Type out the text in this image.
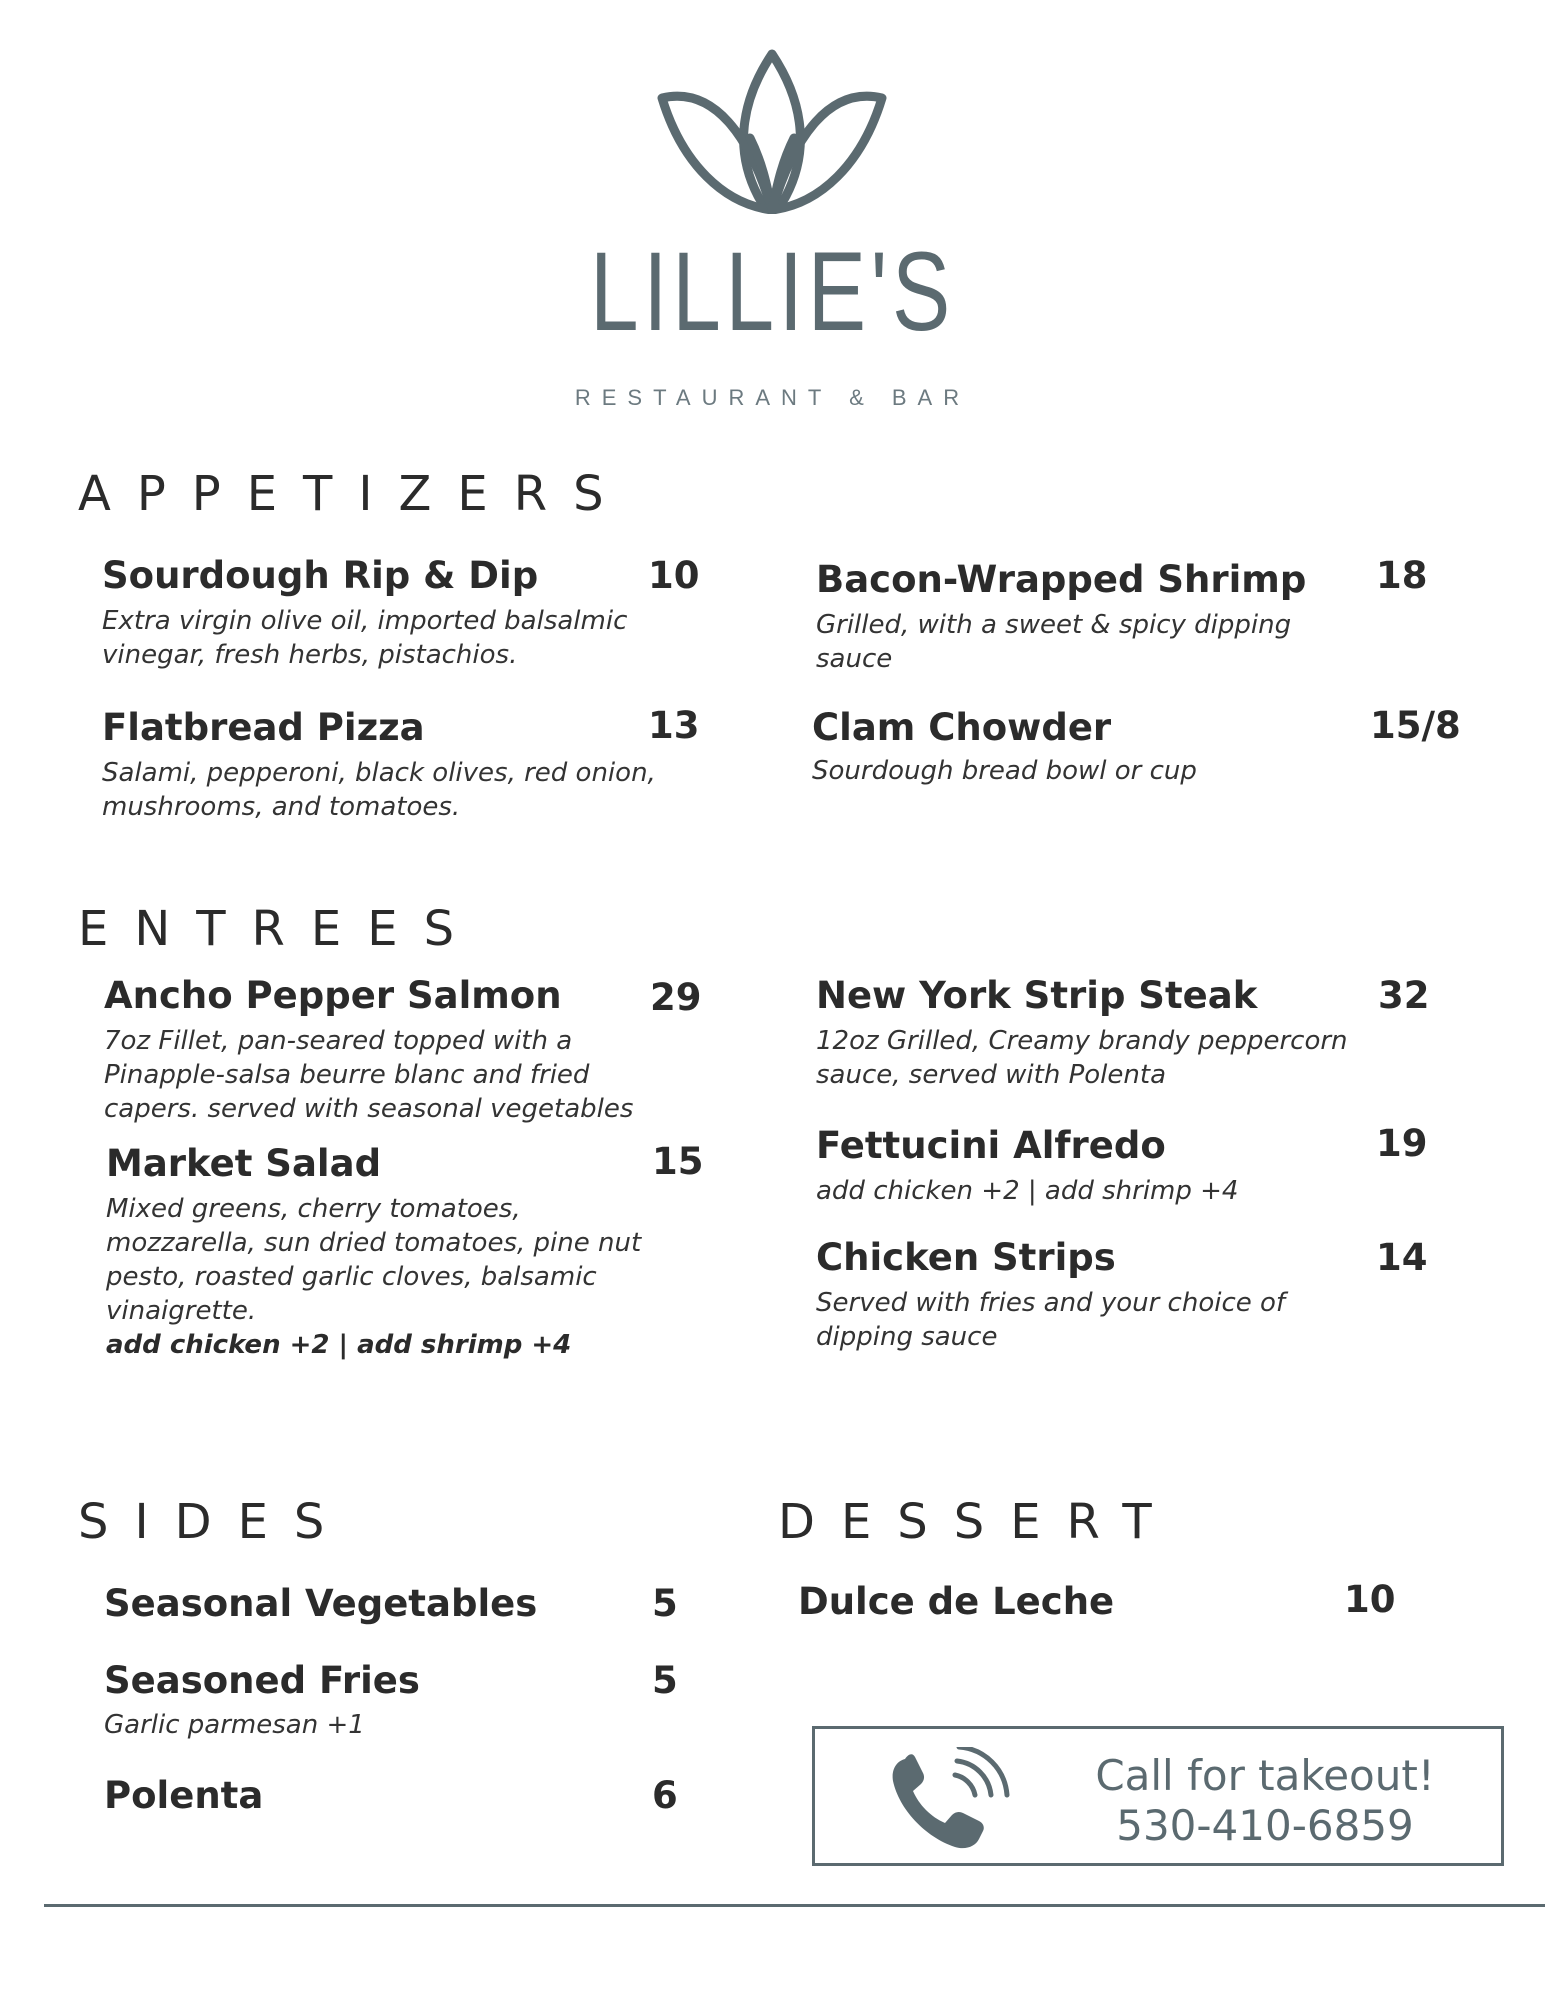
LILLIE'S
RESTAURANT & BAR
APPETIZERS
Sourdough Rip & Dip	10
Extra virgin olive oil, imported balsalmic vinegar, fresh herbs, pistachios.
Flatbread Pizza	13
Salami, pepperoni, black olives, red onion, mushrooms, and tomatoes.
Bacon-Wrapped Shrimp 18
Grilled, with a sweet & spicy dipping sauce
Clam Chowder	15/8
Sourdough bread bowl or cup
ENTREES
Ancho Pepper Salmon 29
7oz Fillet, pan-seared topped with a Pinapple-salsa beurre blanc and fried capers. served with seasonal vegetables
Market Salad	15
Mixed greens, cherry tomatoes, mozzarella, sun dried tomatoes, pine nut pesto, roasted garlic cloves, balsamic vinaigrette.
add chicken +2 | add shrimp +4
New York Strip Steak	32
12oz Grilled, Creamy brandy peppercorn sauce, served with Polenta
Fettucini Alfredo	19
add chicken +2 | add shrimp +4
Chicken Strips	14
Served with fries and your choice of dipping sauce
SIDES
Seasonal Vegetables	5
Seasoned Fries	5
Garlic parmesan +1
Polenta	6
DESSERT
Dulce de Leche	10
Call for takeout!
530-410-6859
